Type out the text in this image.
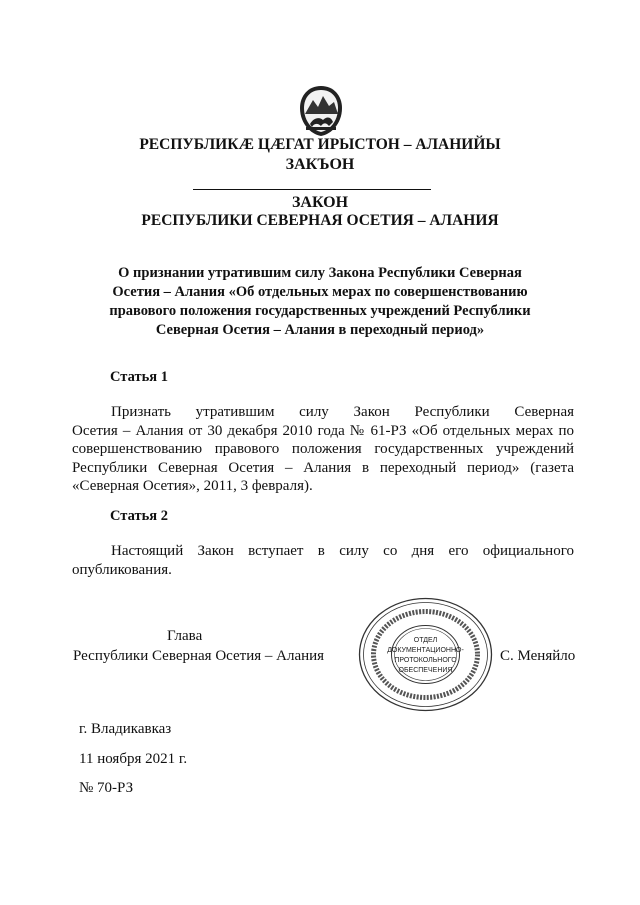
РЕСПУБЛИКÆ ЦÆГАТ ИРЫСТОН – АЛАНИЙЫ
ЗАКЪОН
ЗАКОН
РЕСПУБЛИКИ СЕВЕРНАЯ ОСЕТИЯ – АЛАНИЯ
О признании утратившим силу Закона Республики Северная
Осетия – Алания «Об отдельных мерах по совершенствованию
правового положения государственных учреждений Республики
Северная Осетия – Алания в переходный период»
Статья 1
Признать утратившим силу Закон Республики Северная
Осетия – Алания от 30 декабря 2010 года № 61-РЗ «Об отдельных мерах по
совершенствованию правового положения государственных учреждений
Республики Северная Осетия – Алания в переходный период» (газета
«Северная Осетия», 2011, 3 февраля).
Статья 2
Настоящий Закон вступает в силу со дня его официального
опубликования.
Глава
Республики Северная Осетия – Алания	С. Меняйло
ОТДЕЛ
ДОКУМЕНТАЦИОННО-
ПРОТОКОЛЬНОГО
ОБЕСПЕЧЕНИЯ
г. Владикавказ
11 ноября 2021 г.
№ 70-РЗ
